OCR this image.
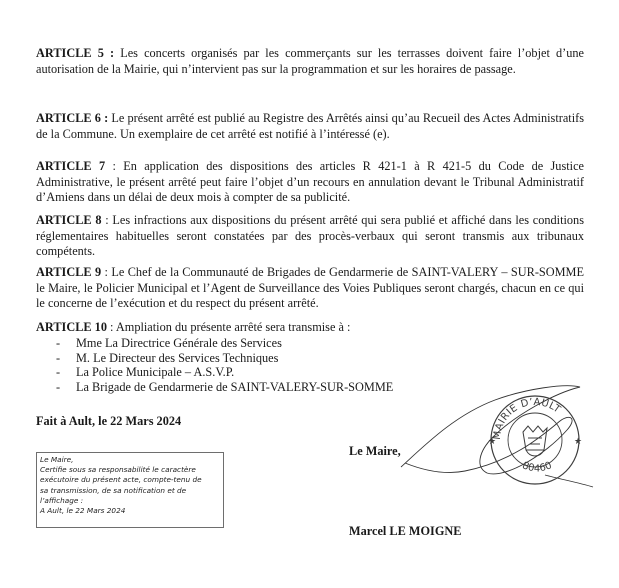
ARTICLE 5 : Les concerts organisés par les commerçants sur les terrasses doivent faire l’objet d’une autorisation de la Mairie, qui n’intervient pas sur la programmation et sur les horaires de passage.

ARTICLE 6 : Le présent arrêté est publié au Registre des Arrêtés ainsi qu’au Recueil des Actes Administratifs de la Commune. Un exemplaire de cet arrêté est notifié à l’intéressé (e).

ARTICLE 7 : En application des dispositions des articles R 421-1 à R 421-5 du Code de Justice Administrative, le présent arrêté peut faire l’objet d’un recours en annulation devant le Tribunal Administratif d’Amiens dans un délai de deux mois à compter de sa publicité.

ARTICLE 8 : Les infractions aux dispositions du présent arrêté qui sera publié et affiché dans les conditions réglementaires habituelles seront constatées par des procès-verbaux qui seront transmis aux tribunaux compétents.

ARTICLE 9 : Le Chef de la Communauté de Brigades de Gendarmerie de SAINT-VALERY – SUR-SOMME le Maire, le Policier Municipal et l’Agent de Surveillance des Voies Publiques seront chargés, chacun en ce qui le concerne de l’exécution et du respect du présent arrêté.

ARTICLE 10 : Ampliation du présente arrêté sera transmise à :

- Mme La Directrice Générale des Services
- M. Le Directeur des Services Techniques
- La Police Municipale – A.S.V.P.
- La Brigade de Gendarmerie de SAINT-VALERY-SUR-SOMME
Fait à Ault, le 22 Mars 2024
Le Maire,
Certifie sous sa responsabilité le caractère
exécutoire du présent acte, compte-tenu de
sa transmission, de sa notification et de
l’affichage :
A Ault, le 22 Mars 2024
Le Maire,
MAIRIE D’AULT
80460
★	★
Marcel LE MOIGNE
